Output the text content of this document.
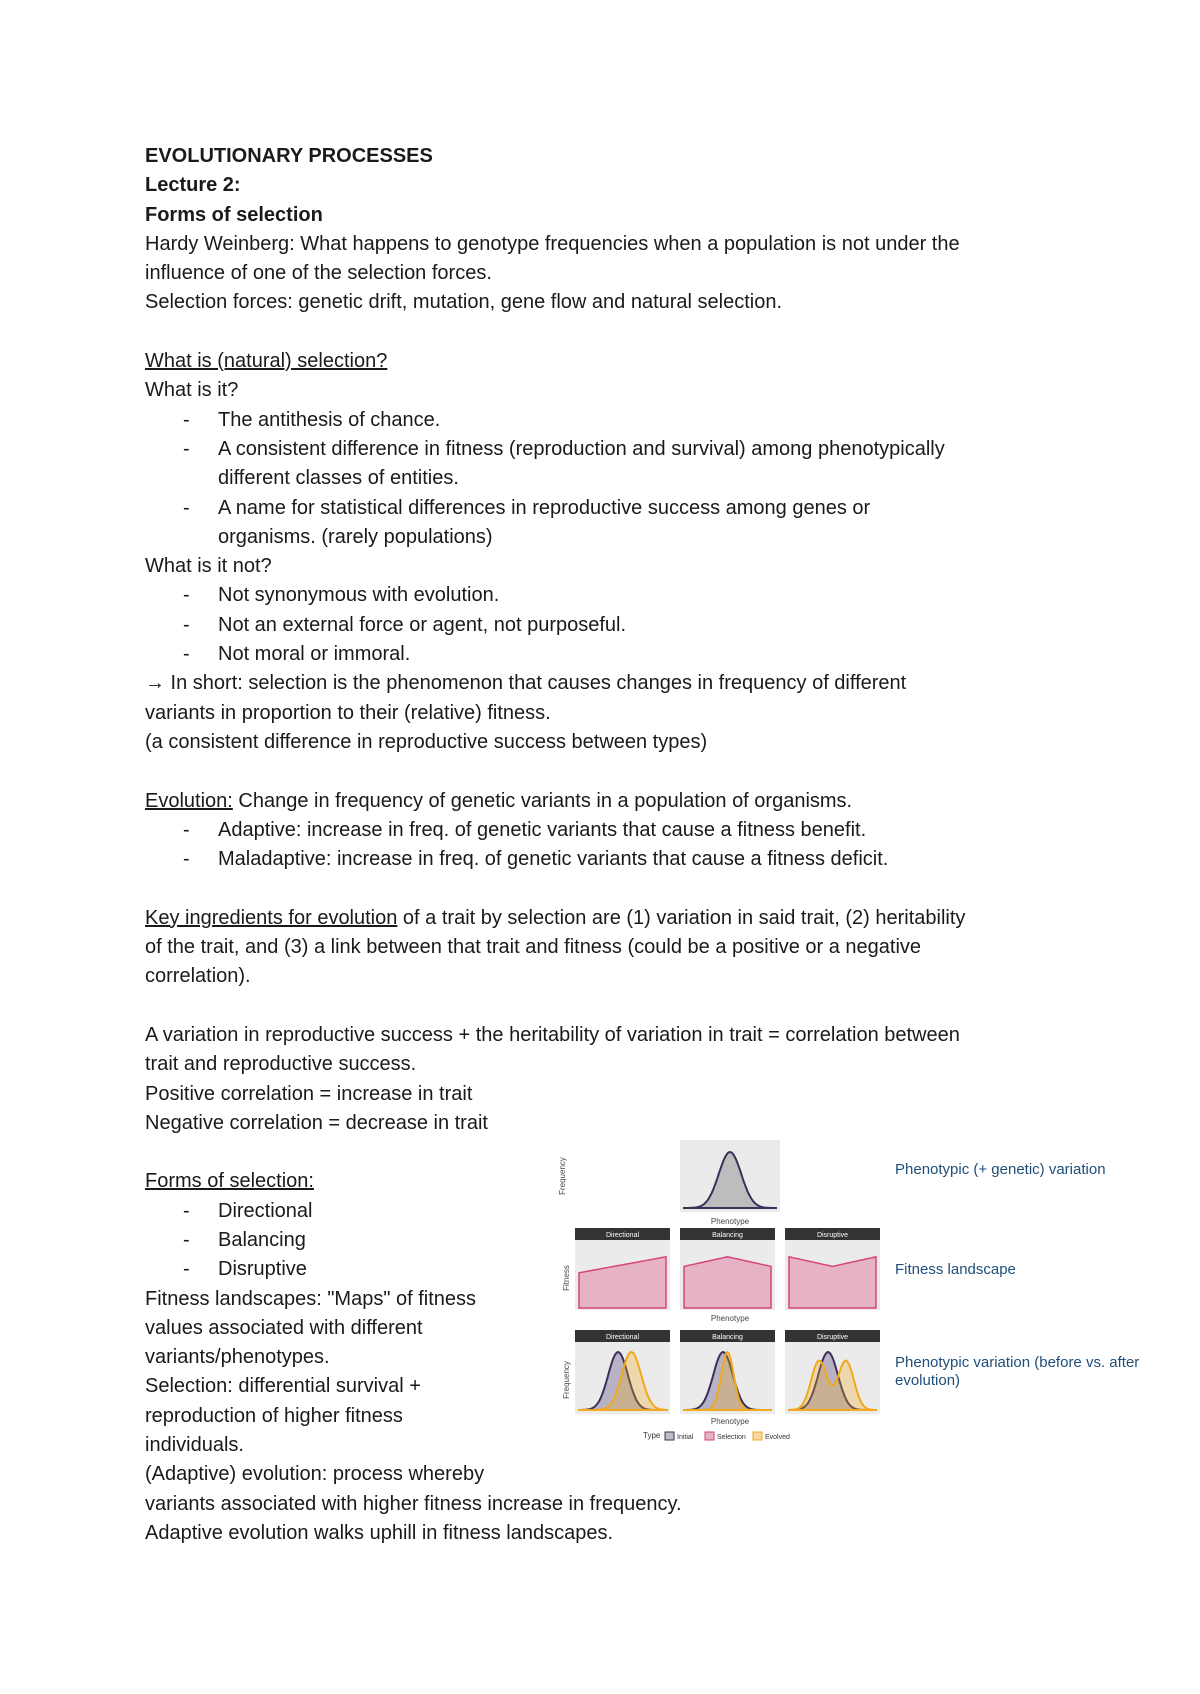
EVOLUTIONARY PROCESSES
Lecture 2:
Forms of selection
Hardy Weinberg: What happens to genotype frequencies when a population is not under the
influence of one of the selection forces.
Selection forces: genetic drift, mutation, gene flow and natural selection.
What is (natural) selection?
What is it?
- The antithesis of chance.
- A consistent difference in fitness (reproduction and survival) among phenotypically
different classes of entities.
- A name for statistical differences in reproductive success among genes or
organisms. (rarely populations)
What is it not?
- Not synonymous with evolution.
- Not an external force or agent, not purposeful.
- Not moral or immoral.
→ In short: selection is the phenomenon that causes changes in frequency of different
variants in proportion to their (relative) fitness.
(a consistent difference in reproductive success between types)
Evolution: Change in frequency of genetic variants in a population of organisms.
- Adaptive: increase in freq. of genetic variants that cause a fitness benefit.
- Maladaptive: increase in freq. of genetic variants that cause a fitness deficit.
Key ingredients for evolution of a trait by selection are (1) variation in said trait, (2) heritability
of the trait, and (3) a link between that trait and fitness (could be a positive or a negative
correlation).
A variation in reproductive success + the heritability of variation in trait = correlation between
trait and reproductive success.
Positive correlation = increase in trait
Negative correlation = decrease in trait
Forms of selection:
- Directional
- Balancing
- Disruptive
Fitness landscapes: "Maps" of fitness
values associated with different
variants/phenotypes.
Selection: differential survival +
reproduction of higher fitness
individuals.
(Adaptive) evolution: process whereby
variants associated with higher fitness increase in frequency.
Adaptive evolution walks uphill in fitness landscapes.
Frequency
Phenotype
Phenotypic (+ genetic) variation
Directional	Balancing	Disruptive
Fitness
Phenotype
Fitness landscape
Directional	Balancing	Disruptive
Frequency
Phenotype
Phenotypic variation (before vs. after
evolution)
Type Initial	Selection	Evolved
